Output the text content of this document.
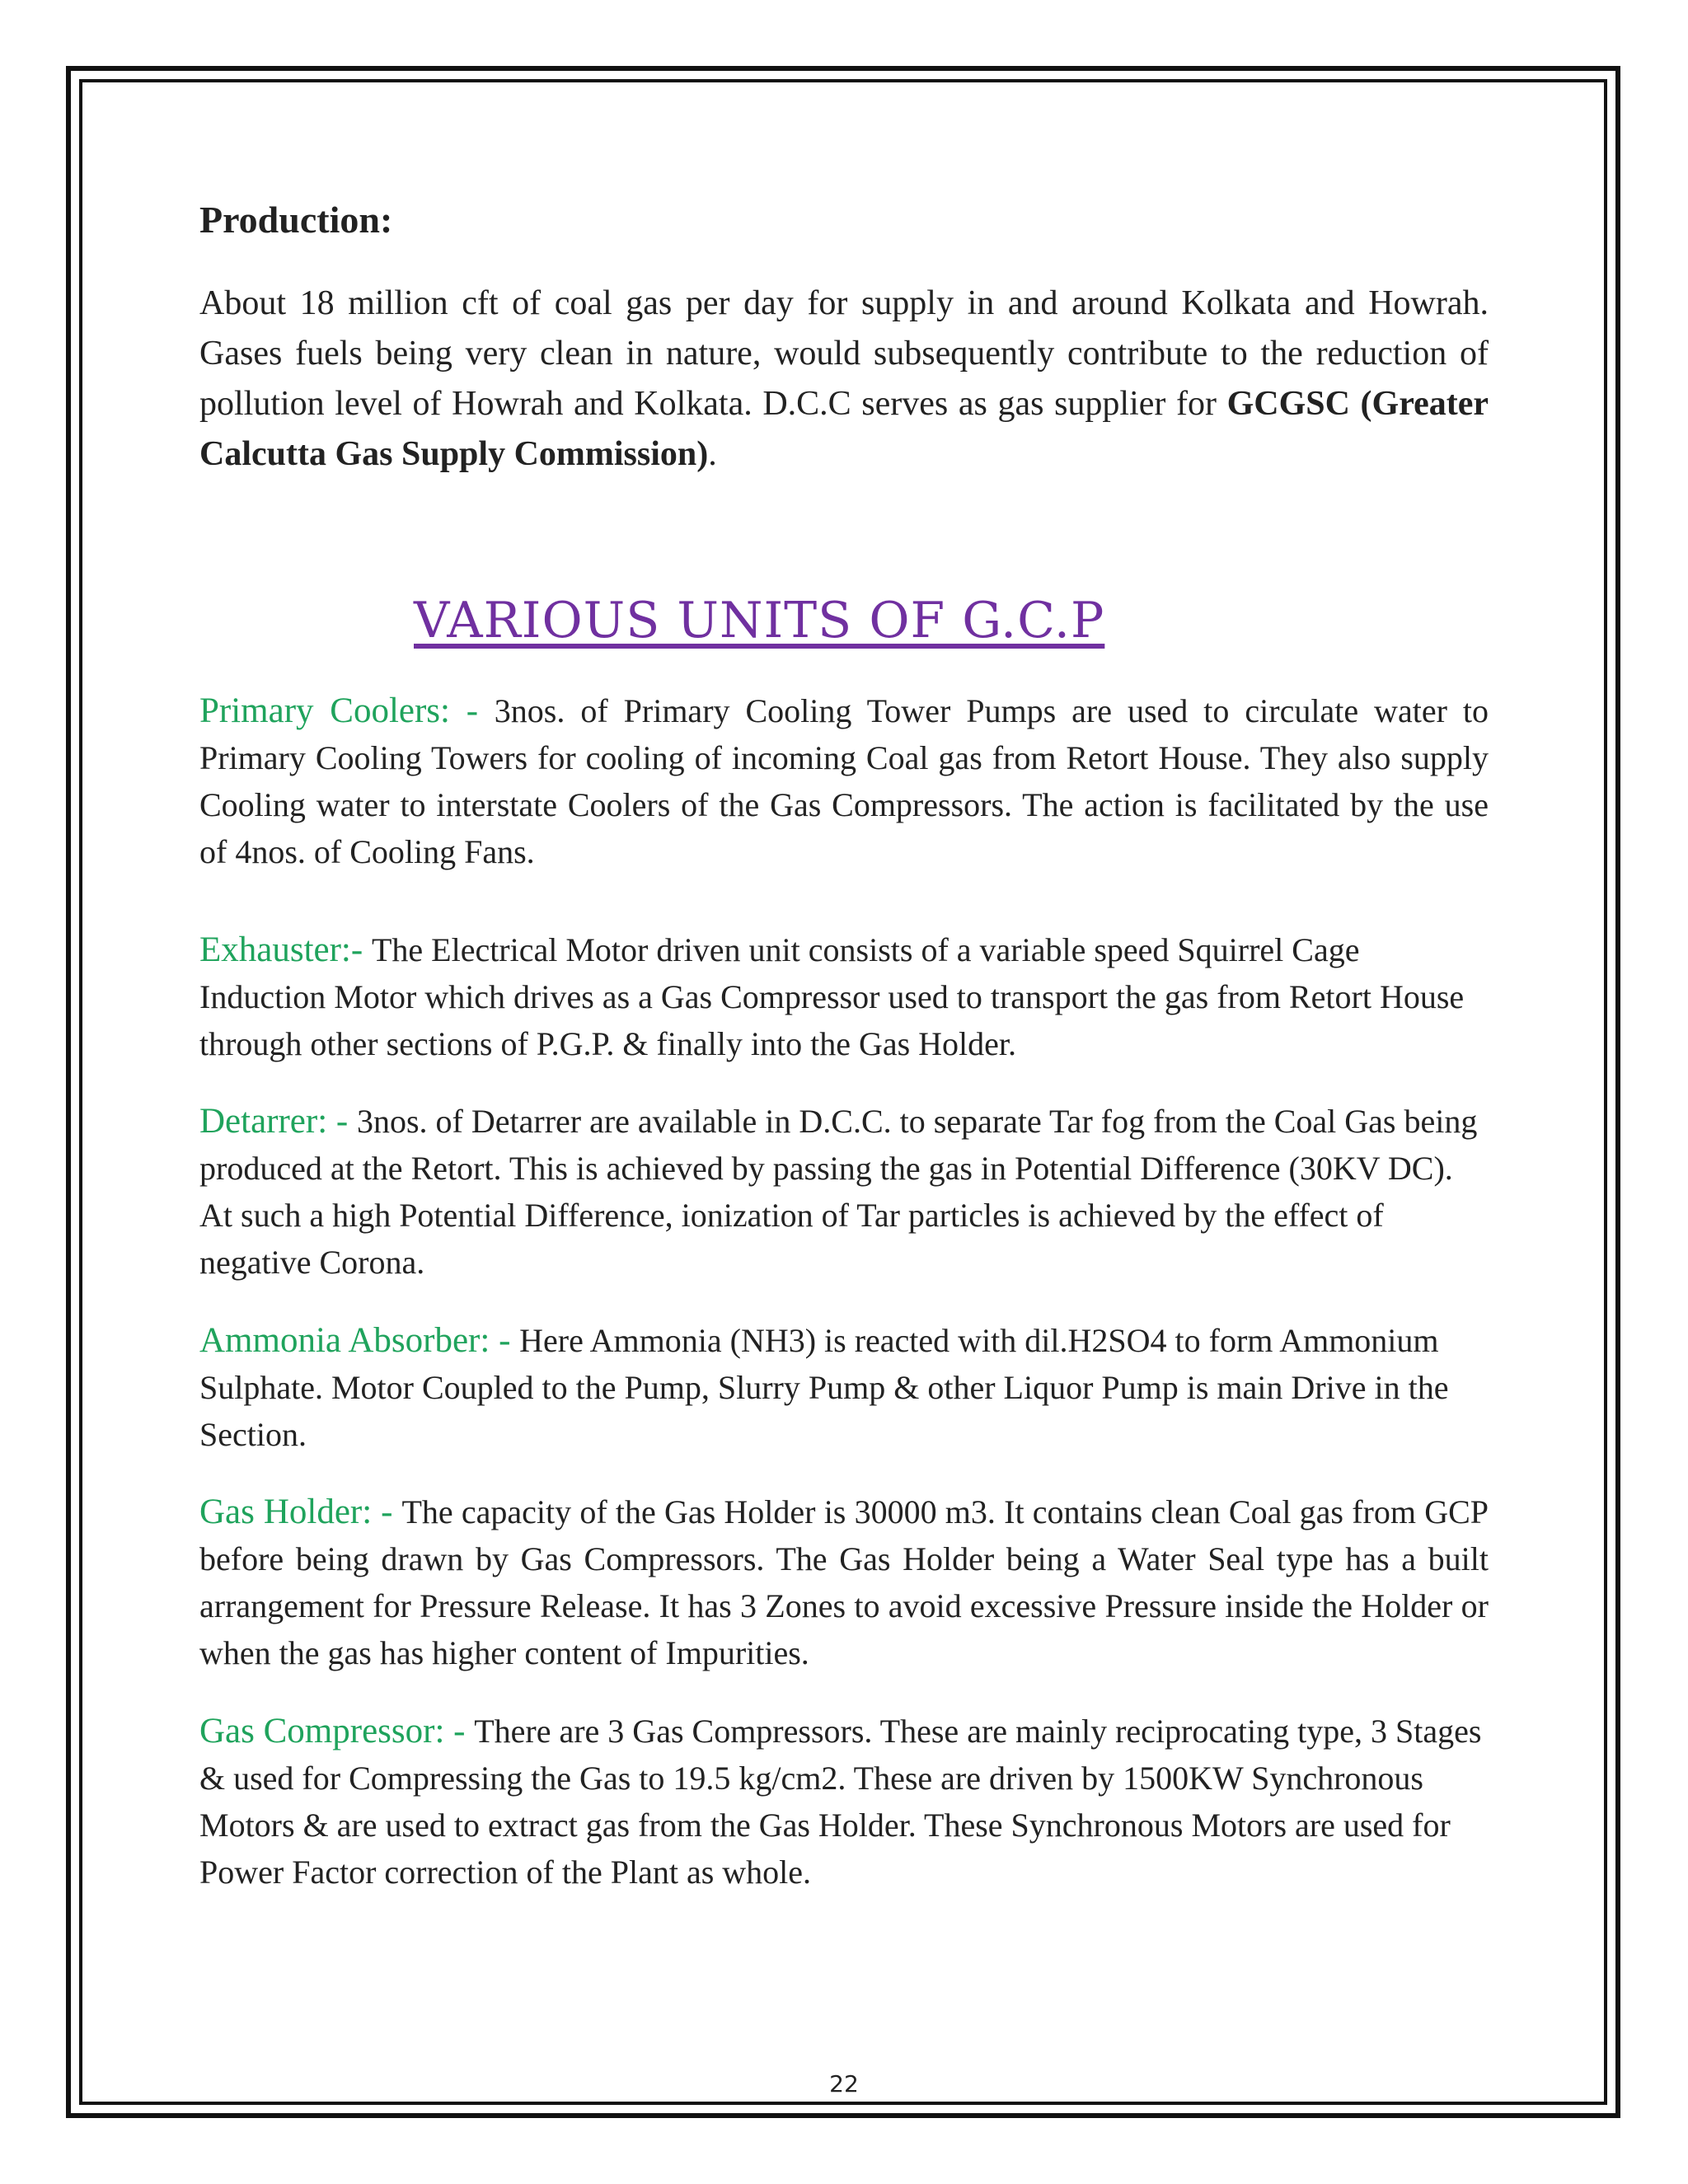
Production:

About 18 million cft of coal gas per day for supply in and around Kolkata and Howrah. Gases fuels being very clean in nature, would subsequently contribute to the reduction of pollution level of Howrah and Kolkata. D.C.C serves as gas supplier for GCGSC (Greater Calcutta Gas Supply Commission).

VARIOUS UNITS OF G.C.P

Primary Coolers: - 3nos. of Primary Cooling Tower Pumps are used to circulate water to Primary Cooling Towers for cooling of incoming Coal gas from Retort House. They also supply Cooling water to interstate Coolers of the Gas Compressors. The action is facilitated by the use of 4nos. of Cooling Fans.

Exhauster:- The Electrical Motor driven unit consists of a variable speed Squirrel Cage Induction Motor which drives as a Gas Compressor used to transport the gas from Retort House through other sections of P.G.P. & finally into the Gas Holder.

Detarrer: - 3nos. of Detarrer are available in D.C.C. to separate Tar fog from the Coal Gas being produced at the Retort. This is achieved by passing the gas in Potential Difference (30KV DC). At such a high Potential Difference, ionization of Tar particles is achieved by the effect of negative Corona.

Ammonia Absorber: - Here Ammonia (NH3) is reacted with dil.H2SO4 to form Ammonium Sulphate. Motor Coupled to the Pump, Slurry Pump & other Liquor Pump is main Drive in the Section.

Gas Holder: - The capacity of the Gas Holder is 30000 m3. It contains clean Coal gas from GCP before being drawn by Gas Compressors. The Gas Holder being a Water Seal type has a built arrangement for Pressure Release. It has 3 Zones to avoid excessive Pressure inside the Holder or when the gas has higher content of Impurities.

Gas Compressor: - There are 3 Gas Compressors. These are mainly reciprocating type, 3 Stages & used for Compressing the Gas to 19.5 kg/cm2. These are driven by 1500KW Synchronous Motors & are used to extract gas from the Gas Holder. These Synchronous Motors are used for Power Factor correction of the Plant as whole.

22
